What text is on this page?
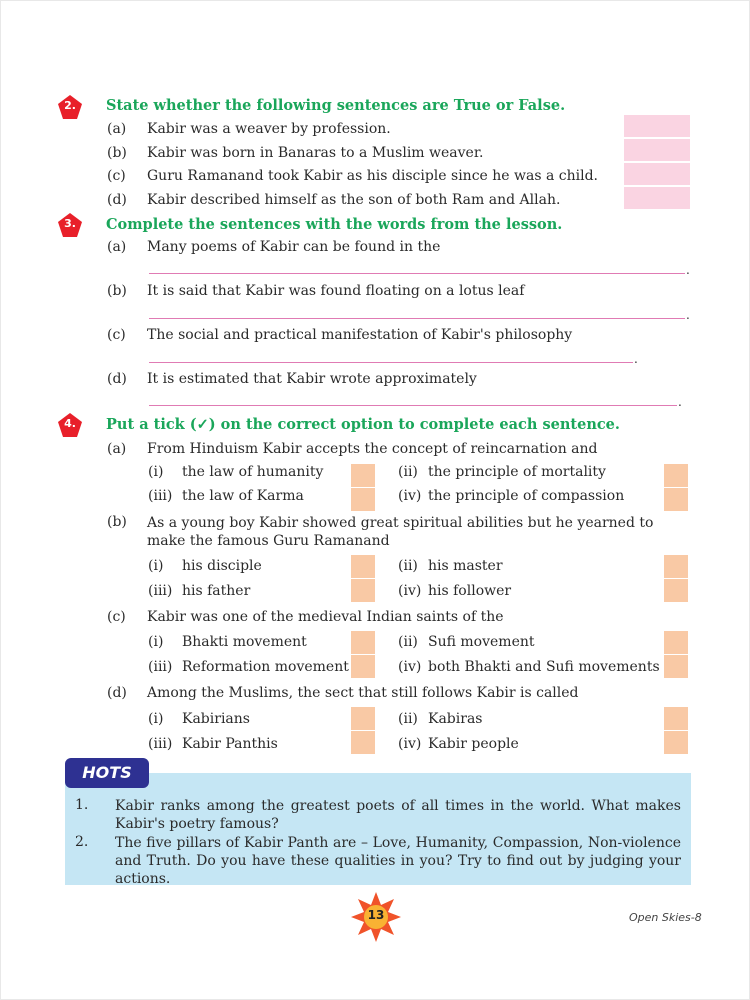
2.	State whether the following sentences are True or False.
(a) Kabir was a weaver by profession.
(b) Kabir was born in Banaras to a Muslim weaver.
(c) Guru Ramanand took Kabir as his disciple since he was a child.
(d) Kabir described himself as the son of both Ram and Allah.
3.	Complete the sentences with the words from the lesson.
(a) Many poems of Kabir can be found in the
.
(b) It is said that Kabir was found floating on a lotus leaf
.
(c) The social and practical manifestation of Kabir's philosophy
.
(d) It is estimated that Kabir wrote approximately
.
4.	Put a tick (✓) on the correct option to complete each sentence.
(a) From Hinduism Kabir accepts the concept of reincarnation and
(i) the law of humanity	(ii) the principle of mortality
(iii) the law of Karma	(iv) the principle of compassion
(b) As a young boy Kabir showed great spiritual abilities but he yearned to make the famous Guru Ramanand
(i) his disciple	(ii) his master
(iii) his father	(iv) his follower
(c) Kabir was one of the medieval Indian saints of the
(i) Bhakti movement	(ii) Sufi movement
(iii) Reformation movement	(iv) both Bhakti and Sufi movements
(d) Among the Muslims, the sect that still follows Kabir is called
(i) Kabirians	(ii) Kabiras
(iii) Kabir Panthis	(iv) Kabir people
HOTS
1. Kabir ranks among the greatest poets of all times in the world. What makes Kabir's poetry famous?
2. The five pillars of Kabir Panth are – Love, Humanity, Compassion, Non-violence and Truth. Do you have these qualities in you? Try to find out by judging your actions.
13	Open Skies-8
